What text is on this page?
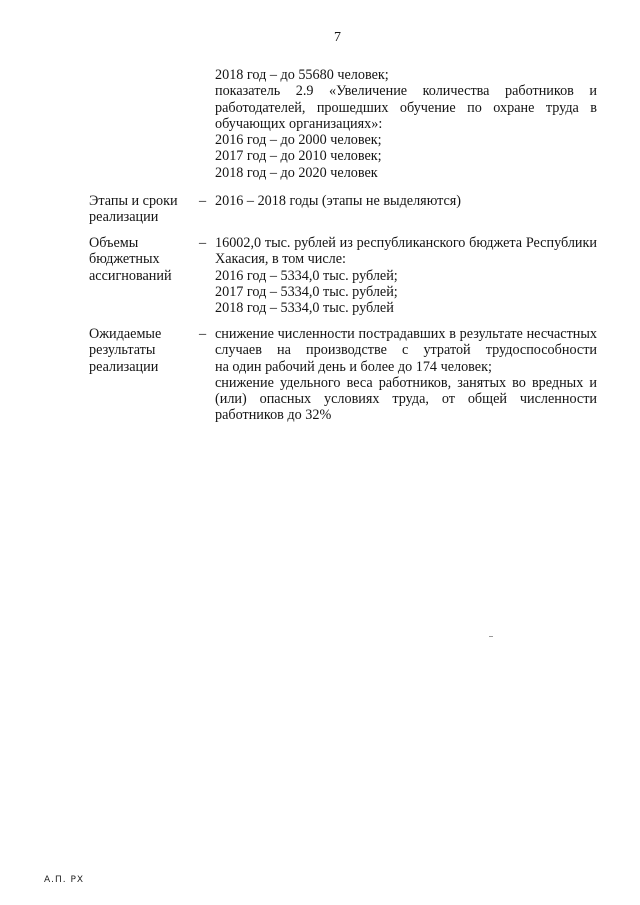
7
2018 год – до 55680 человек;
показатель 2.9 «Увеличение количества работников и
работодателей, прошедших обучение по охране труда в
обучающих организациях»:
2016 год – до 2000 человек;
2017 год – до 2010 человек;
2018 год – до 2020 человек
Этапы и сроки
реализации
– 2016 – 2018 годы (этапы не выделяются)
Объемы
бюджетных
ассигнований
– 16002,0 тыс. рублей из республиканского бюджета Республики
Хакасия, в том числе:
2016 год – 5334,0 тыс. рублей;
2017 год – 5334,0 тыс. рублей;
2018 год – 5334,0 тыс. рублей
Ожидаемые
результаты
реализации
– снижение численности пострадавших в результате несчастных
случаев на производстве с утратой трудоспособности
на один рабочий день и более до 174 человек;
снижение удельного веса работников, занятых во вредных и
(или) опасных условиях труда, от общей численности
работников до 32%
А.П. РХ
